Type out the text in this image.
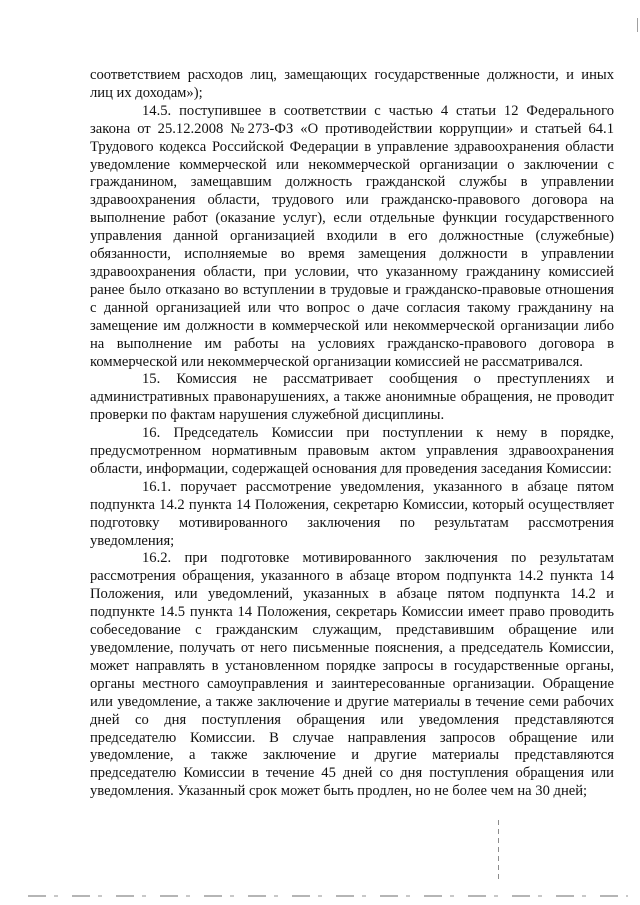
соответствием расходов лиц, замещающих государственные должности, и иных лиц их доходам»);

14.5. поступившее в соответствии с частью 4 статьи 12 Федерального закона от 25.12.2008 №273-ФЗ «О противодействии коррупции» и статьей 64.1 Трудового кодекса Российской Федерации в управление здравоохранения области уведомление коммерческой или некоммерческой организации о заключении с гражданином, замещавшим должность гражданской службы в управлении здравоохранения области, трудового или гражданско-правового договора на выполнение работ (оказание услуг), если отдельные функции государственного управления данной организацией входили в его должностные (служебные) обязанности, исполняемые во время замещения должности в управлении здравоохранения области, при условии, что указанному гражданину комиссией ранее было отказано во вступлении в трудовые и гражданско-правовые отношения с данной организацией или что вопрос о даче согласия такому гражданину на замещение им должности в коммерческой или некоммерческой организации либо на выполнение им работы на условиях гражданско-правового договора в коммерческой или некоммерческой организации комиссией не рассматривался.

15. Комиссия не рассматривает сообщения о преступлениях и административных правонарушениях, а также анонимные обращения, не проводит проверки по фактам нарушения служебной дисциплины.

16. Председатель Комиссии при поступлении к нему в порядке, предусмотренном нормативным правовым актом управления здравоохранения области, информации, содержащей основания для проведения заседания Комиссии:

16.1. поручает рассмотрение уведомления, указанного в абзаце пятом подпункта 14.2 пункта 14 Положения, секретарю Комиссии, который осуществляет подготовку мотивированного заключения по результатам рассмотрения уведомления;

16.2. при подготовке мотивированного заключения по результатам рассмотрения обращения, указанного в абзаце втором подпункта 14.2 пункта 14 Положения, или уведомлений, указанных в абзаце пятом подпункта 14.2 и подпункте 14.5 пункта 14 Положения, секретарь Комиссии имеет право проводить собеседование с гражданским служащим, представившим обращение или уведомление, получать от него письменные пояснения, а председатель Комиссии, может направлять в установленном порядке запросы в государственные органы, органы местного самоуправления и заинтересованные организации. Обращение или уведомление, а также заключение и другие материалы в течение семи рабочих дней со дня поступления обращения или уведомления представляются председателю Комиссии. В случае направления запросов обращение или уведомление, а также заключение и другие материалы представляются председателю Комиссии в течение 45 дней со дня поступления обращения или уведомления. Указанный срок может быть продлен, но не более чем на 30 дней;
